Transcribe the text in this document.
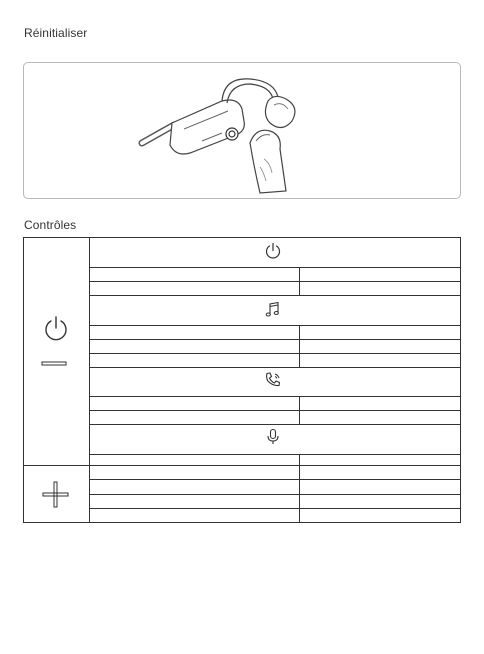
Réinitialiser
Contrôles
